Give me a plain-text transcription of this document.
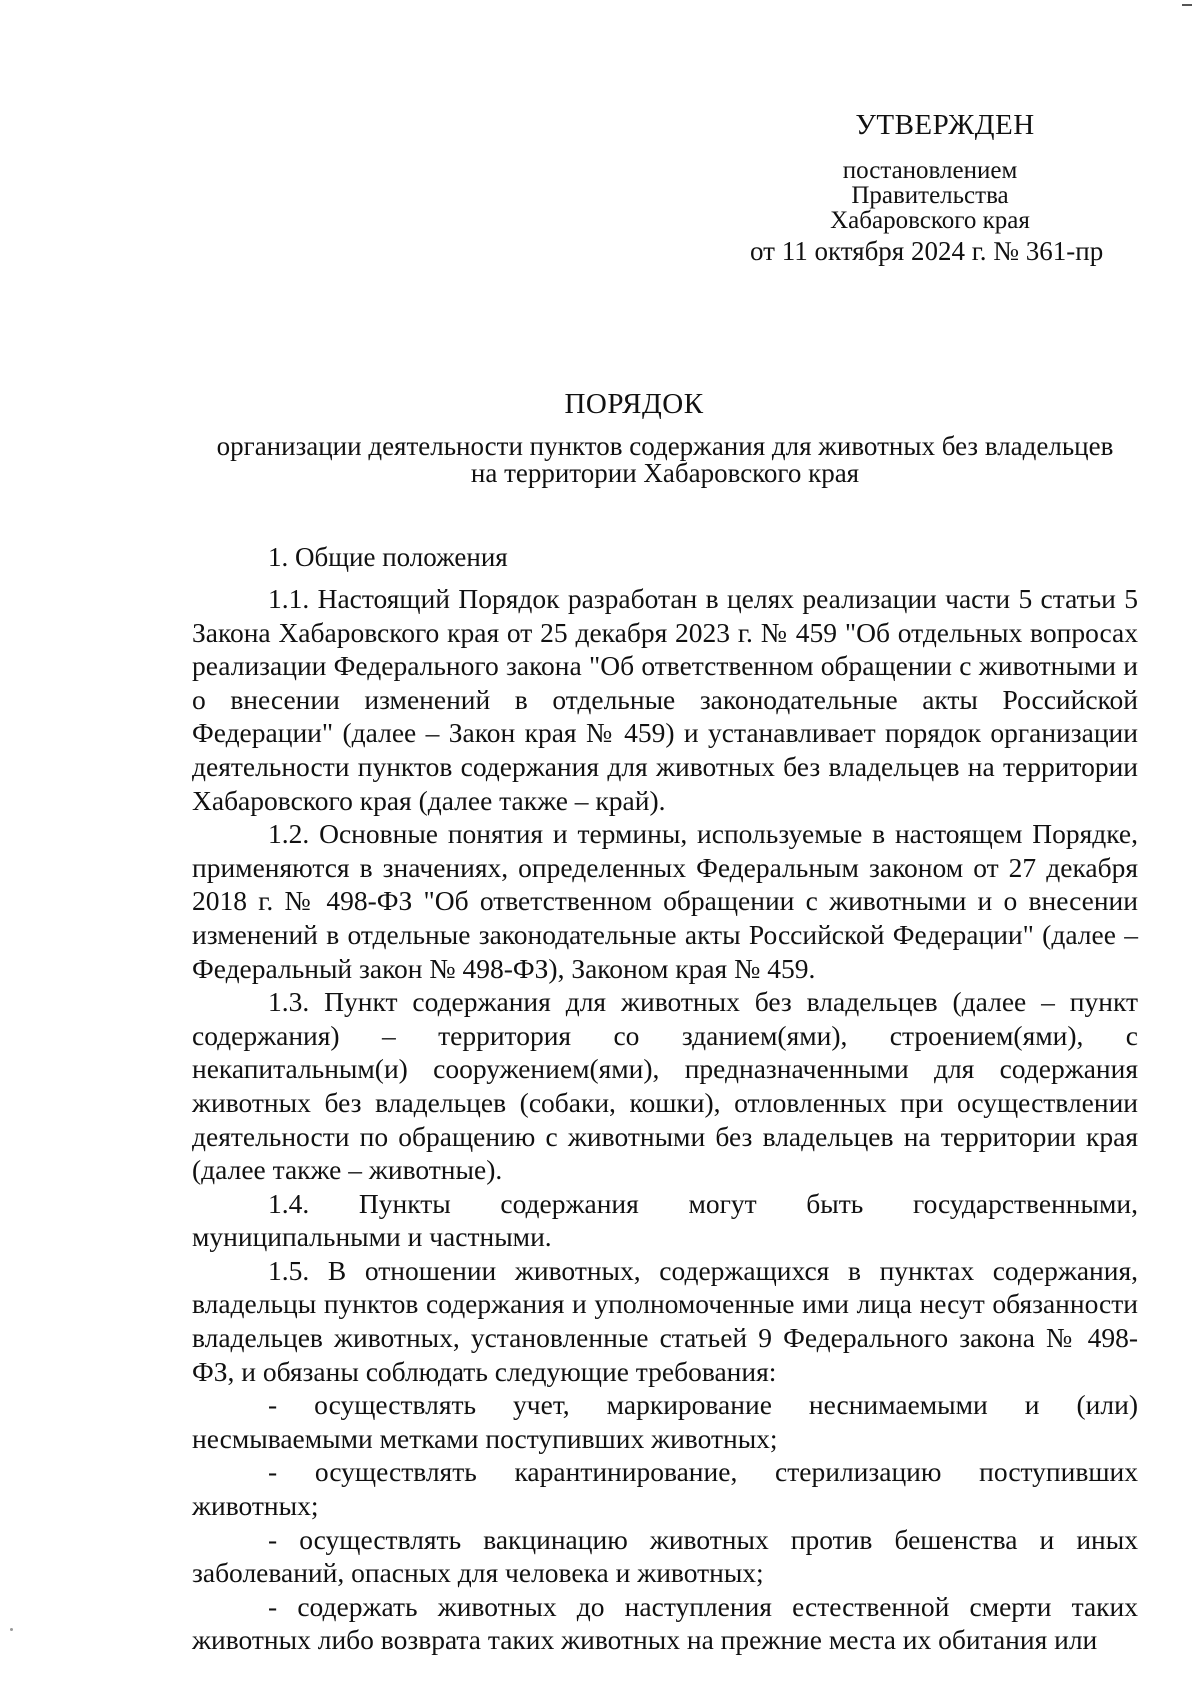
УТВЕРЖДЕН
постановлением
Правительства
Хабаровского края
от 11 октября 2024 г. № 361-пр
ПОРЯДОК
организации деятельности пунктов содержания для животных без владельцев
на территории Хабаровского края
1. Общие положения

1.1. Настоящий Порядок разработан в целях реализации части 5 статьи 5 Закона Хабаровского края от 25 декабря 2023 г. № 459 "Об отдельных вопросах реализации Федерального закона "Об ответственном обращении с животными и о внесении изменений в отдельные законодательные акты Российской Федерации" (далее – Закон края № 459) и устанавливает порядок организации деятельности пунктов содержания для животных без владельцев на территории Хабаровского края (далее также – край).

1.2. Основные понятия и термины, используемые в настоящем Порядке, применяются в значениях, определенных Федеральным законом от 27 декабря 2018 г. № 498-ФЗ "Об ответственном обращении с животными и о внесении изменений в отдельные законодательные акты Российской Федерации" (далее – Федеральный закон № 498-ФЗ), Законом края № 459.

1.3. Пункт содержания для животных без владельцев (далее – пункт содержания) – территория со зданием(ями), строением(ями), с некапитальным(и) сооружением(ями), предназначенными для содержания животных без владельцев (собаки, кошки), отловленных при осуществлении деятельности по обращению с животными без владельцев на территории края (далее также – животные).

1.4. Пункты содержания могут быть государственными, муниципальными и частными.

1.5. В отношении животных, содержащихся в пунктах содержания, владельцы пунктов содержания и уполномоченные ими лица несут обязанности владельцев животных, установленные статьей 9 Федерального закона № 498-ФЗ, и обязаны соблюдать следующие требования:

- осуществлять учет, маркирование неснимаемыми и (или) несмываемыми метками поступивших животных;

- осуществлять карантинирование, стерилизацию поступивших животных;

- осуществлять вакцинацию животных против бешенства и иных заболеваний, опасных для человека и животных;

- содержать животных до наступления естественной смерти таких животных либо возврата таких животных на прежние места их обитания или
